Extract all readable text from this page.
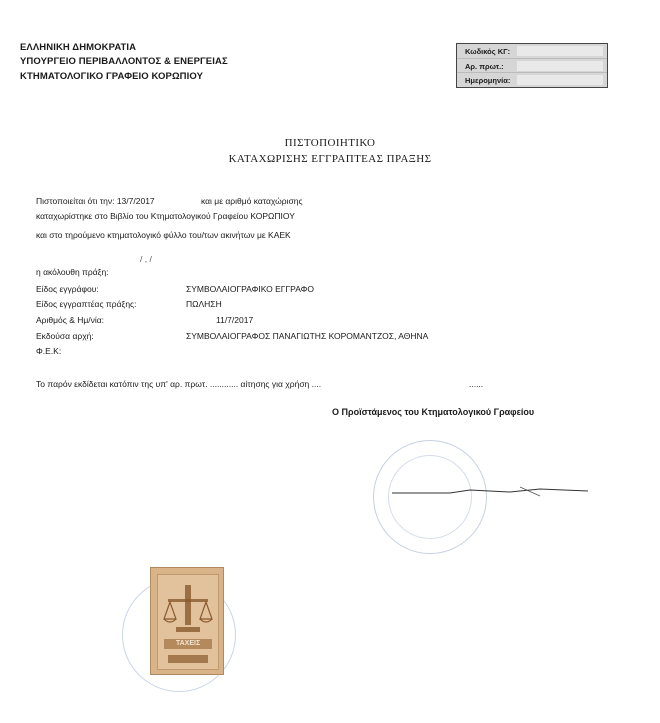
ΕΛΛΗΝΙΚΗ ΔΗΜΟΚΡΑΤΙΑ
ΥΠΟΥΡΓΕΙΟ ΠΕΡΙΒΑΛΛΟΝΤΟΣ & ΕΝΕΡΓΕΙΑΣ
ΚΤΗΜΑΤΟΛΟΓΙΚΟ ΓΡΑΦΕΙΟ ΚΟΡΩΠΙΟΥ
Κωδικός ΚΓ:
Αρ. πρωτ.:
Ημερομηνία:
ΠΙΣΤΟΠΟΙΗΤΙΚΟ
ΚΑΤΑΧΩΡΙΣΗΣ ΕΓΓΡΑΠΤΕΑΣ ΠΡΑΞΗΣ
Πιστοποιείται ότι την: 13/7/2017	και με αριθμό καταχώρισης
καταχωρίστηκε στο Βιβλίο του Κτηματολογικού Γραφείου ΚΟΡΩΠΙΟΥ
και στο τηρούμενο κτηματολογικό φύλλο του/των ακινήτων με ΚΑΕΚ
/ , /
η ακόλουθη πράξη:
Είδος εγγράφου:	ΣΥΜΒΟΛΑΙΟΓΡΑΦΙΚΟ ΕΓΓΡΑΦΟ
Είδος εγγραπτέας πράξης:	ΠΩΛΗΣΗ
Αριθμός & Ημ/νία:	11/7/2017
Εκδούσα αρχή:	ΣΥΜΒΟΛΑΙΟΓΡΑΦΟΣ ΠΑΝΑΓΙΩΤΗΣ ΚΟΡΟΜΑΝΤΖΟΣ, ΑΘΗΝΑ
Φ.Ε.Κ:
Το παρόν εκδίδεται κατόπιν της υπ' αρ. πρωτ. ............ αίτησης για χρήση ....	......
Ο Προϊστάμενος του Κτηματολογικού Γραφείου
ΤΑΧΕΙΣ
